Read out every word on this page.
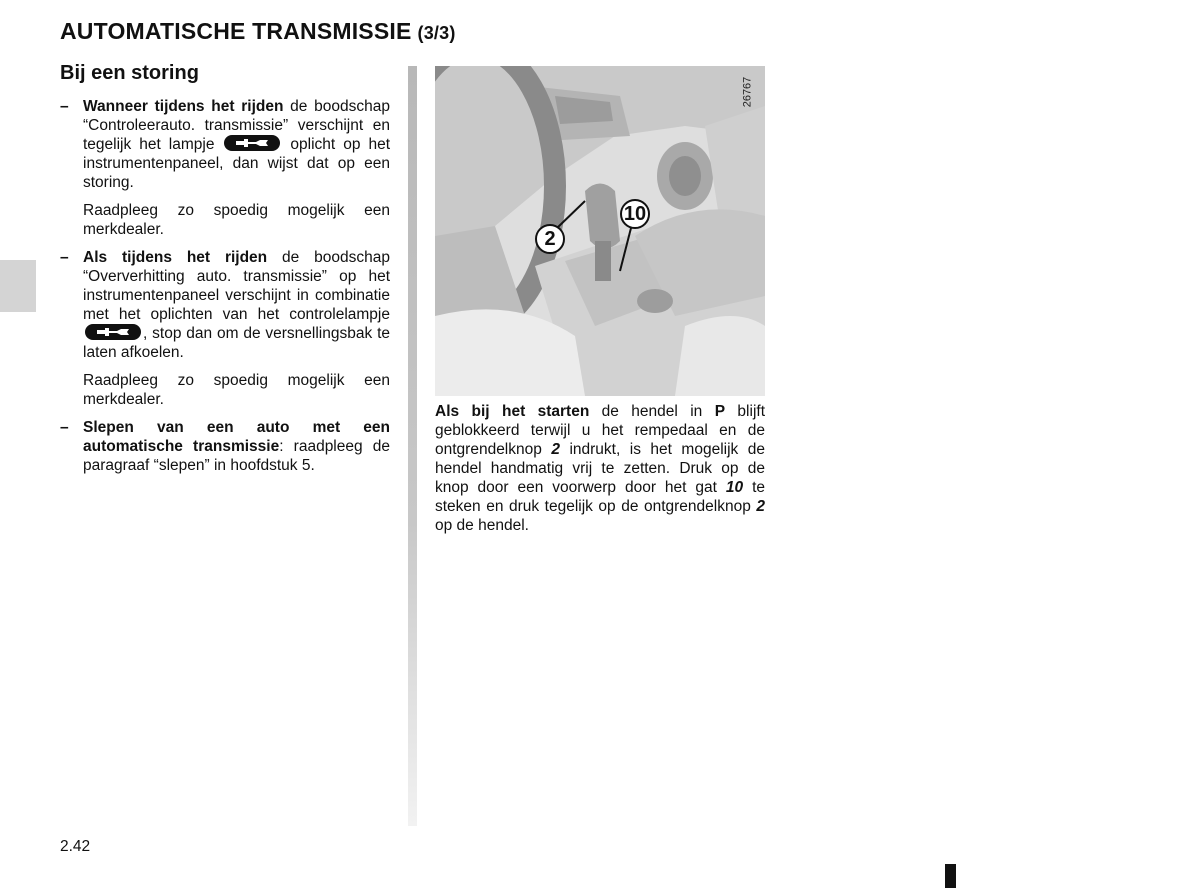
AUTOMATISCHE TRANSMISSIE (3/3)
Bij een storing
– Wanneer tijdens het rijden de boodschap “Controleerauto. transmissie” verschijnt en tegelijk het lampje	oplicht op het instrumentenpaneel, dan wijst dat op een storing.

Raadpleeg zo spoedig mogelijk een merkdealer.

– Als tijdens het rijden de boodschap “Oververhitting auto. transmissie” op het instrumentenpaneel verschijnt in combinatie met het oplichten van het controlelampje
, stop dan om de versnellingsbak te laten afkoelen.

Raadpleeg zo spoedig mogelijk een merkdealer.

– Slepen van een auto met een automatische transmissie: raadpleeg de paragraaf “slepen” in hoofdstuk 5.

2
10
26767

Als bij het starten de hendel in P blijft geblokkeerd terwijl u het rempedaal en de ontgrendelknop 2 indrukt, is het mogelijk de hendel handmatig vrij te zetten. Druk op de knop door een voorwerp door het gat 10 te steken en druk tegelijk op de ontgrendelknop 2 op de hendel.

2.42
